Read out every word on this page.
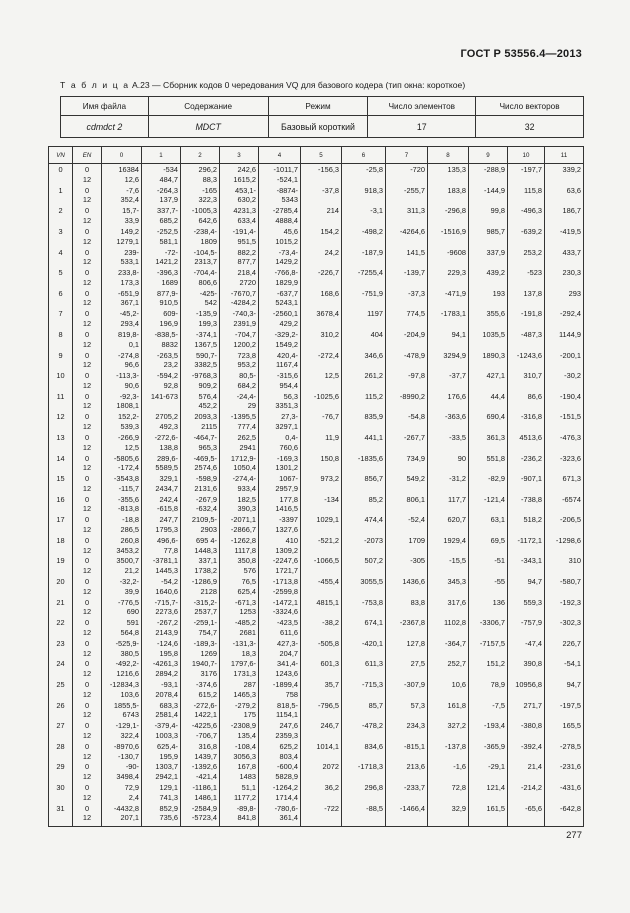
ГОСТ Р 53556.4—2013
Т а б л и ц а А.23 — Сборник кодов 0 чередования VQ для базового кодера (тип окна: короткое)
Имя файла	Содержание	Режим	Число элементов	Число векторов
cdmdct 2	MDCT	Базовый короткий	17	32
VN	EN	0	1	2	3	4	5	6	7	8	9	10	11
0	0	16384	-534	296,2	242,6	-1011,7	-156,3	-25,8	-720	135,3	-288,9	-197,7	339,2
	12	12,6	484,7	88,3	1615,2	-524,1							
1	0	-7,6	-264,3	-165	453,1-	-8874-	-37,8	918,3	-255,7	183,8	-144,9	115,8	63,6
	12	352,4	137,9	322,3	630,2	5343							
2	0	15,7-	337,7-	-1005,3	4231,3	-2785,4	214	-3,1	311,3	-296,8	99,8	-496,3	186,7
	12	33,9	685,2	642,6	633,4	4888,4							
3	0	149,2	-252,5	-238,4-	-191,4-	45,6	154,2	-498,2	-4264,6	-1516,9	985,7	-639,2	-419,5
	12	1279,1	581,1	1809	951,5	1015,2							
4	0	239-	-72-	-104,5-	882,2	-73,4-	24,2	-187,9	141,5	-9608	337,9	253,2	433,7
	12	533,1	1421,2	2313,7	877,7	1429,2							
5	0	233,8-	-396,3	-704,4-	218,4	-766,8-	-226,7	-7255,4	-139,7	229,3	439,2	-523	230,3
	12	173,3	1689	806,6	2720	1829,9							
6	0	-651,9	877,9-	-425-	-7670,7	-637,7	168,6	-751,9	-37,3	-471,9	193	137,8	293
	12	367,1	910,5	542	-4284,2	5243,1							
7	0	-45,2-	609-	-135,9	-740,3-	-2560,1	3678,4	1197	774,5	-1783,1	355,6	-191,8	-292,4
	12	293,4	196,9	199,3	2391,9	429,2							
8	0	819,8-	-838,5-	-374,1	-704,7	-329,2-	310,2	404	-204,9	94,1	1035,5	-487,3	1144,9
	12	0,1	8832	1367,5	1200,2	1549,2							
9	0	-274,8	-263,5	590,7-	723,8	420,4-	-272,4	346,6	-478,9	3294,9	1890,3	-1243,6	-200,1
	12	96,6	23,2	3382,5	953,2	1167,4							
10	0	-113,3-	-594,2	-9768,3	80,5-	-315,6	12,5	261,2	-97,8	-37,7	427,1	310,7	-30,2
	12	90,6	92,8	909,2	684,2	954,4							
11	0	-92,3-	141-673	576,4	-24,4-	56,3	-1025,6	115,2	-8990,2	176,6	44,4	86,6	-190,4
	12	1808,1		452,2	29	3351,3							
12	0	152,2-	2705,2	2093,3	-1395,5	27,3-	-76,7	835,9	-54,8	-363,6	690,4	-316,8	-151,5
	12	539,3	492,3	2115	777,4	3297,1							
13	0	-266,9	-272,6-	-464,7-	262,5	0,4-	11,9	441,1	-267,7	-33,5	361,3	4513,6	-476,3
	12	12,5	138,8	965,3	2941	760,6							
14	0	-5805,6	289,6-	-469,5-	1712,9-	-169,3	150,8	-1835,6	734,9	90	551,8	-236,2	-323,6
	12	-172,4	5589,5	2574,6	1050,4	1301,2							
15	0	-3543,8	329,1	-598,9	-274,4-	1067-	973,2	856,7	549,2	-31,2	-82,9	-907,1	671,3
	12	-115,7	2434,7	2131,6	933,4	2957,9							
16	0	-355,6	242,4	-267,9	182,5	177,8	-134	85,2	806,1	117,7	-121,4	-738,8	-6574
	12	-813,8	-615,8	-632,4	390,3	1416,5							
17	0	-18,8	247,7	2109,5-	-2071,1	-3397	1029,1	474,4	-52,4	620,7	63,1	518,2	-206,5
	12	286,5	1795,3	2903	-2866,7	1327,6							
18	0	260,8	496,6-	695 4-	-1262,8	410	-521,2	-2073	1709	1929,4	69,5	-1172,1	-1298,6
	12	3453,2	77,8	1448,3	1117,8	1309,2							
19	0	3500,7	-3781,1	337,1	350,8	-2247,6	-1066,5	507,2	-305	-15,5	-51	-343,1	310
	12	21,2	1445,3	1738,2	576	1721,7							
20	0	-32,2-	-54,2	-1286,9	76,5	-1713,8	-455,4	3055,5	1436,6	345,3	-55	94,7	-580,7
	12	39,9	1640,6	2128	625,4	-2599,8							
21	0	-776,5	-715,7-	-315,2-	-671,3	-1472,1	4815,1	-753,8	83,8	317,6	136	559,3	-192,3
	12	690	2273,6	2537,7	1253	-3324,6							
22	0	591	-267,2	-259,1-	-485,2	-423,5	-38,2	674,1	-2367,8	1102,8	-3306,7	-757,9	-302,3
	12	564,8	2143,9	754,7	2681	611,6							
23	0	-525,9-	-124,6	-189,3-	-131,3-	427,3-	-505,8	-420,1	127,8	-364,7	-7157,5	-47,4	226,7
	12	380,5	195,8	1269	18,3	204,7							
24	0	-492,2-	-4261,3	1940,7-	1797,6-	341,4-	601,3	611,3	27,5	252,7	151,2	390,8	-54,1
	12	1216,6	2894,2	3176	1731,3	1243,6							
25	0	-12834,3	-93,1	-374,6	287	-1899,4	35,7	-715,3	-307,9	10,6	78,9	10956,8	94,7
	12	103,6	2078,4	615,2	1465,3	758							
26	0	1855,5-	683,3	-272,6-	-279,2	818,5-	-796,5	85,7	57,3	161,8	-7,5	271,7	-197,5
	12	6743	2581,4	1422,1	175	1154,1							
27	0	-129,1-	-379,4-	-4225,6	-2308,9	247,6	246,7	-478,2	234,3	327,2	-193,4	-380,8	165,5
	12	322,4	1003,3	-706,7	135,4	2359,3							
28	0	-8970,6	625,4-	316,8	-108,4	625,2	1014,1	834,6	-815,1	-137,8	-365,9	-392,4	-278,5
	12	-130,7	195,9	1439,7	3056,3	803,4							
29	0	-90-	1303,7	-1392,6	167,8	-600,4	2072	-1718,3	213,6	-1,6	-29,1	21,4	-231,6
	12	3498,4	2942,1	-421,4	1483	5828,9							
30	0	72,9	129,1	-1186,1	51,1	-1264,2	36,2	296,8	-233,7	72,8	121,4	-214,2	-431,6
	12	2,4	741,3	1486,1	1177,2	1714,4							
31	0	-4432,8	852,9	-2584,9	-89,8-	-780,6-	-722	-88,5	-1466,4	32,9	161,5	-65,6	-642,8
	12	207,1	735,6	-5723,4	841,8	361,4							
277
